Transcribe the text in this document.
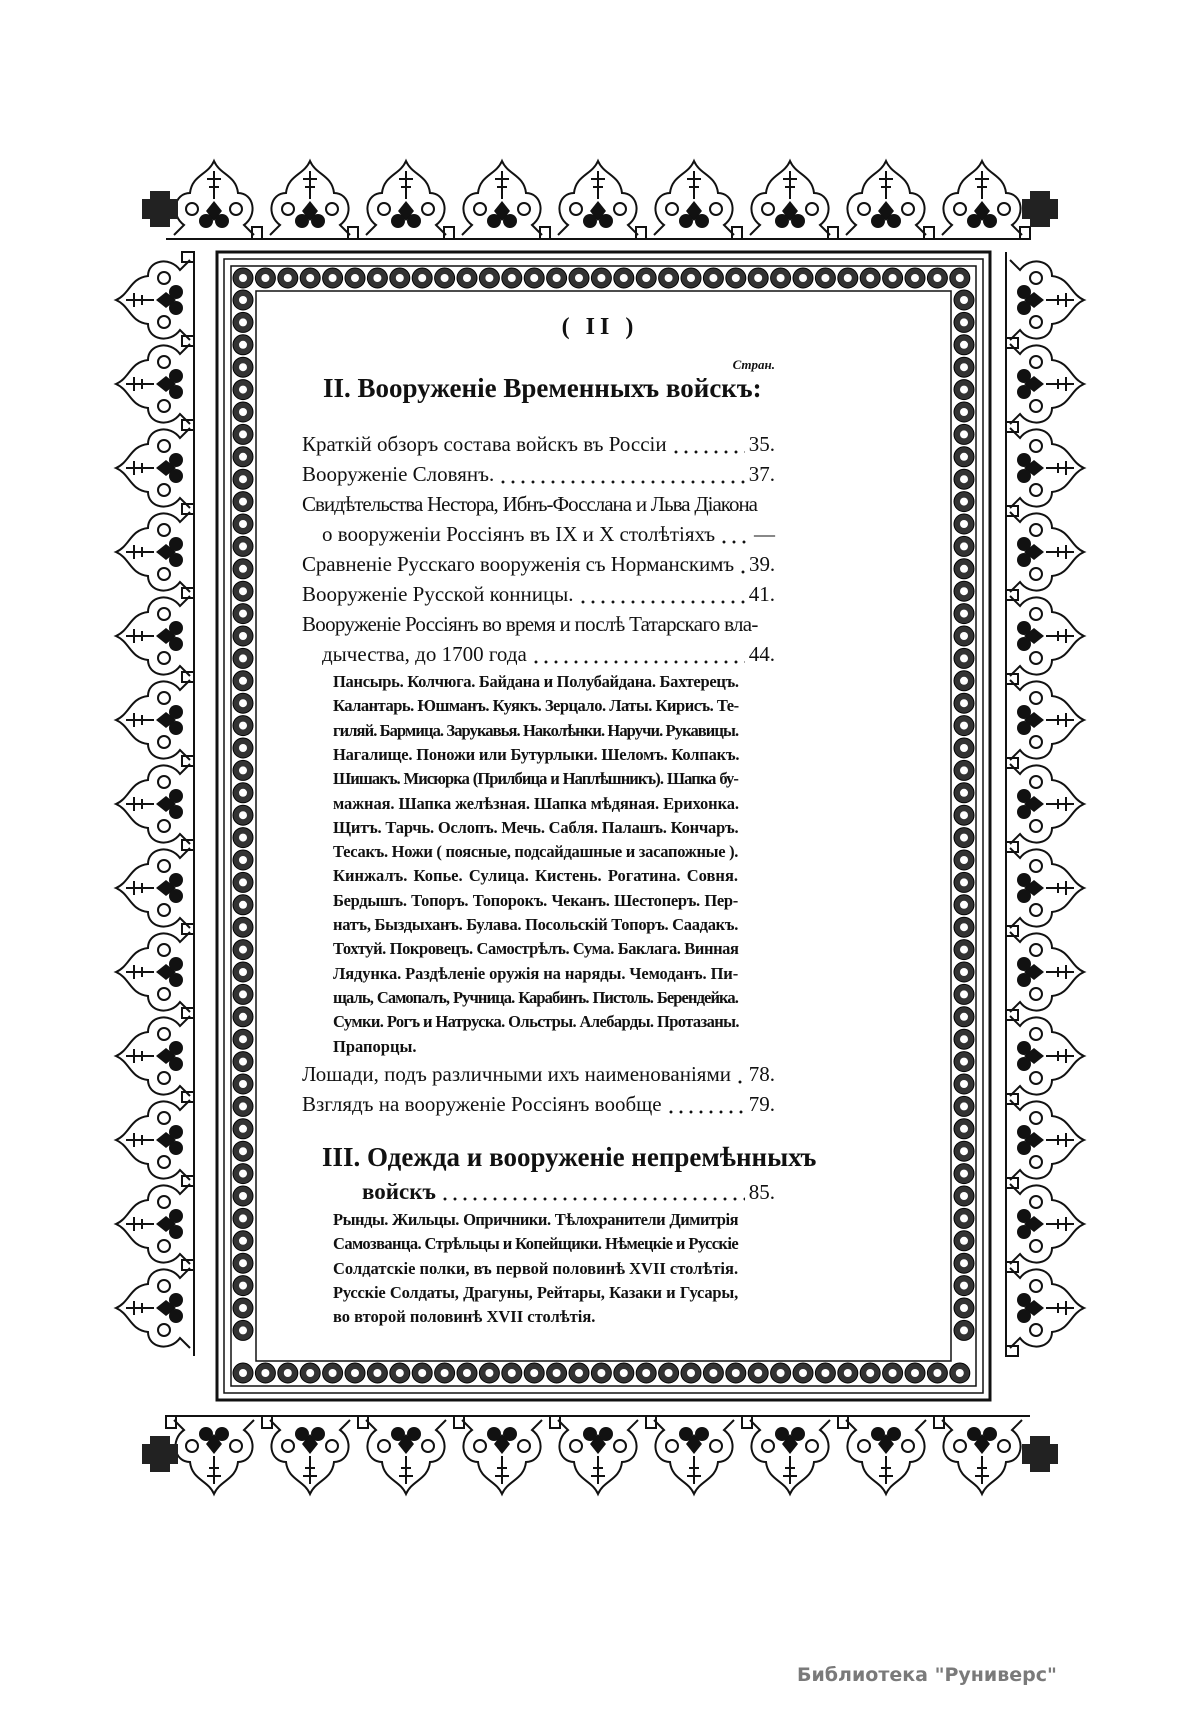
( II )
Стран.
II. Вооруженіе Временныхъ войскъ:
Краткій обзоръ состава войскъ въ Россіи	35.
Вооруженіе Словянъ.	37.
Свидѣтельства Нестора, Ибнъ-Фосслана и Льва Діакона
о вооруженіи Россіянъ въ IX и X столѣтіяхъ —
Сравненіе Русскаго вооруженія съ Норманскимъ 39.
Вооруженіе Русской конницы.	41.
Вооруженіе Россіянъ во время и послѣ Татарскаго вла-
дычества, до 1700 года	44.
Пансырь. Колчюга. Байдана и Полубайдана. Бахтерецъ.
Калантарь. Юшманъ. Куякъ. Зерцало. Латы. Кирисъ. Те-
гиляй. Бармица. Зарукавья. Наколѣнки. Наручи. Рукавицы.
Нагалище. Поножи или Бутурлыки. Шеломъ. Колпакъ.
Шишакъ. Мисюрка (Прилбица и Наплѣшникъ). Шапка бу-
мажная. Шапка желѣзная. Шапка мѣдяная. Ерихонка.
Щитъ. Тарчь. Ослопъ. Мечь. Сабля. Палашъ. Кончаръ.
Тесакъ. Ножи ( поясные, подсайдашные и засапожные ).
Кинжалъ. Копье. Сулица. Кистень. Рогатина. Совня.
Бердышъ. Топоръ. Топорокъ. Чеканъ. Шестоперъ. Пер-
натъ, Быздыханъ. Булава. Посольскій Топоръ. Саадакъ.
Тохтуй. Покровецъ. Самострѣлъ. Сума. Баклага. Винная
Лядунка. Раздѣленіе оружія на наряды. Чемоданъ. Пи-
щаль, Самопалъ, Ручница. Карабинъ. Пистоль. Берендейка.
Сумки. Рогъ и Натруска. Ольстры. Алебарды. Протазаны.
Прапорцы.
Лошади, подъ различными ихъ наименованіями 78.
Взглядъ на вооруженіе Россіянъ вообще	79.
III. Одежда и вооруженіе непремѣнныхъ
войскъ	85.
Рынды. Жильцы. Опричники. Тѣлохранители Димитрія
Самозванца. Стрѣльцы и Копейщики. Нѣмецкіе и Русскіе
Солдатскіе полки, въ первой половинѣ XVII столѣтія.
Русскіе Солдаты, Драгуны, Рейтары, Казаки и Гусары,
во второй половинѣ XVII столѣтія.
Библиотека "Руниверс"
